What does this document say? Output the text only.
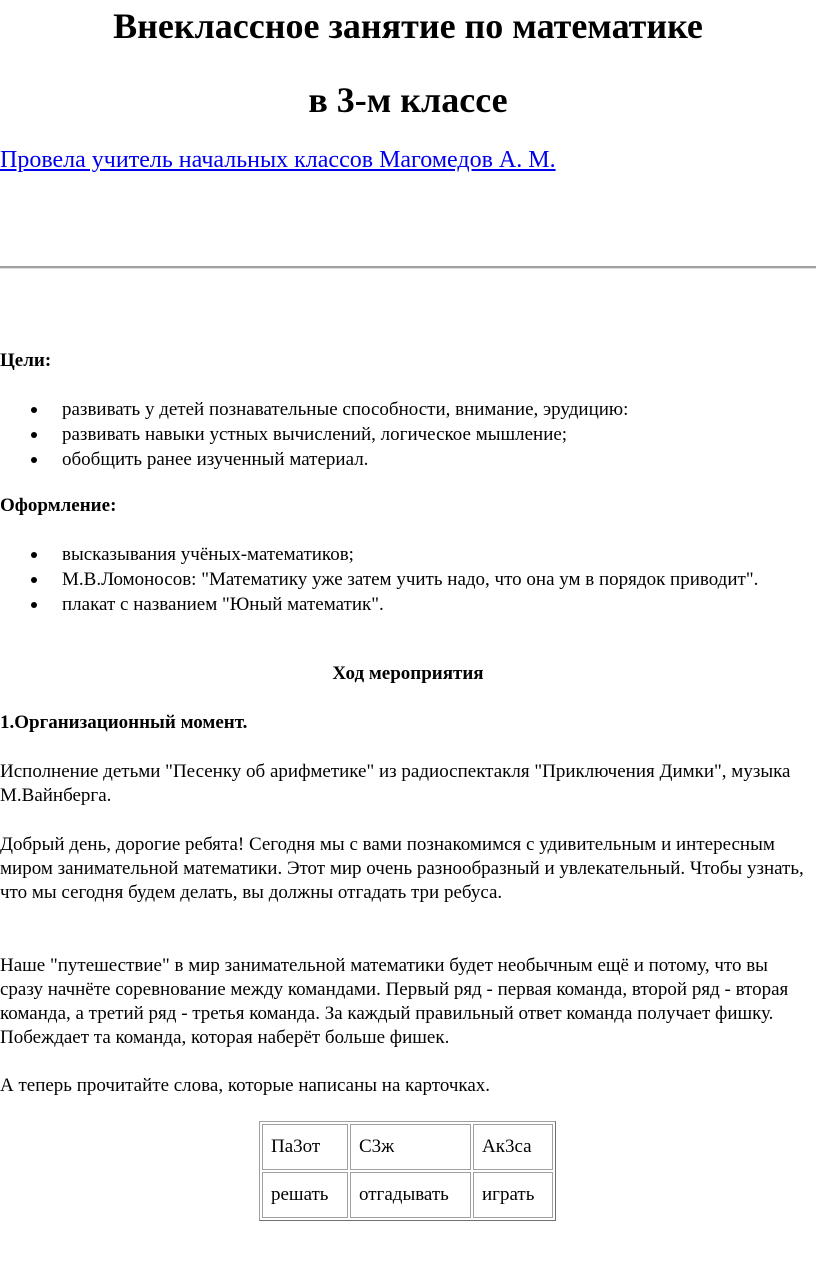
Внеклассное занятие по математике
в 3-м классе
Провела учитель начальных классов Магомедов А. М.
Цели:
развивать у детей познавательные способности, внимание, эрудицию:
развивать навыки устных вычислений, логическое мышление;
обобщить ранее изученный материал.
Оформление:
высказывания учёных-математиков;
М.В.Ломоносов: "Математику уже затем учить надо, что она ум в порядок приводит".
плакат с названием "Юный математик".
Ход мероприятия
1.Организационный момент.

Исполнение детьми "Песенку об арифметике" из радиоспектакля "Приключения Димки", музыка М.Вайнберга.

Добрый день, дорогие ребята! Сегодня мы с вами познакомимся с удивительным и интересным миром занимательной математики. Этот мир очень разнообразный и увлекательный. Чтобы узнать, что мы сегодня будем делать, вы должны отгадать три ребуса.

Наше "путешествие" в мир занимательной математики будет необычным ещё и потому, что вы сразу начнёте соревнование между командами. Первый ряд - первая команда, второй ряд - вторая команда, а третий ряд - третья команда. За каждый правильный ответ команда получает фишку. Побеждает та команда, которая наберёт больше фишек.

А теперь прочитайте слова, которые написаны на карточках.

Па3от	С3ж	Ак3са
решать	отгадывать	играть
